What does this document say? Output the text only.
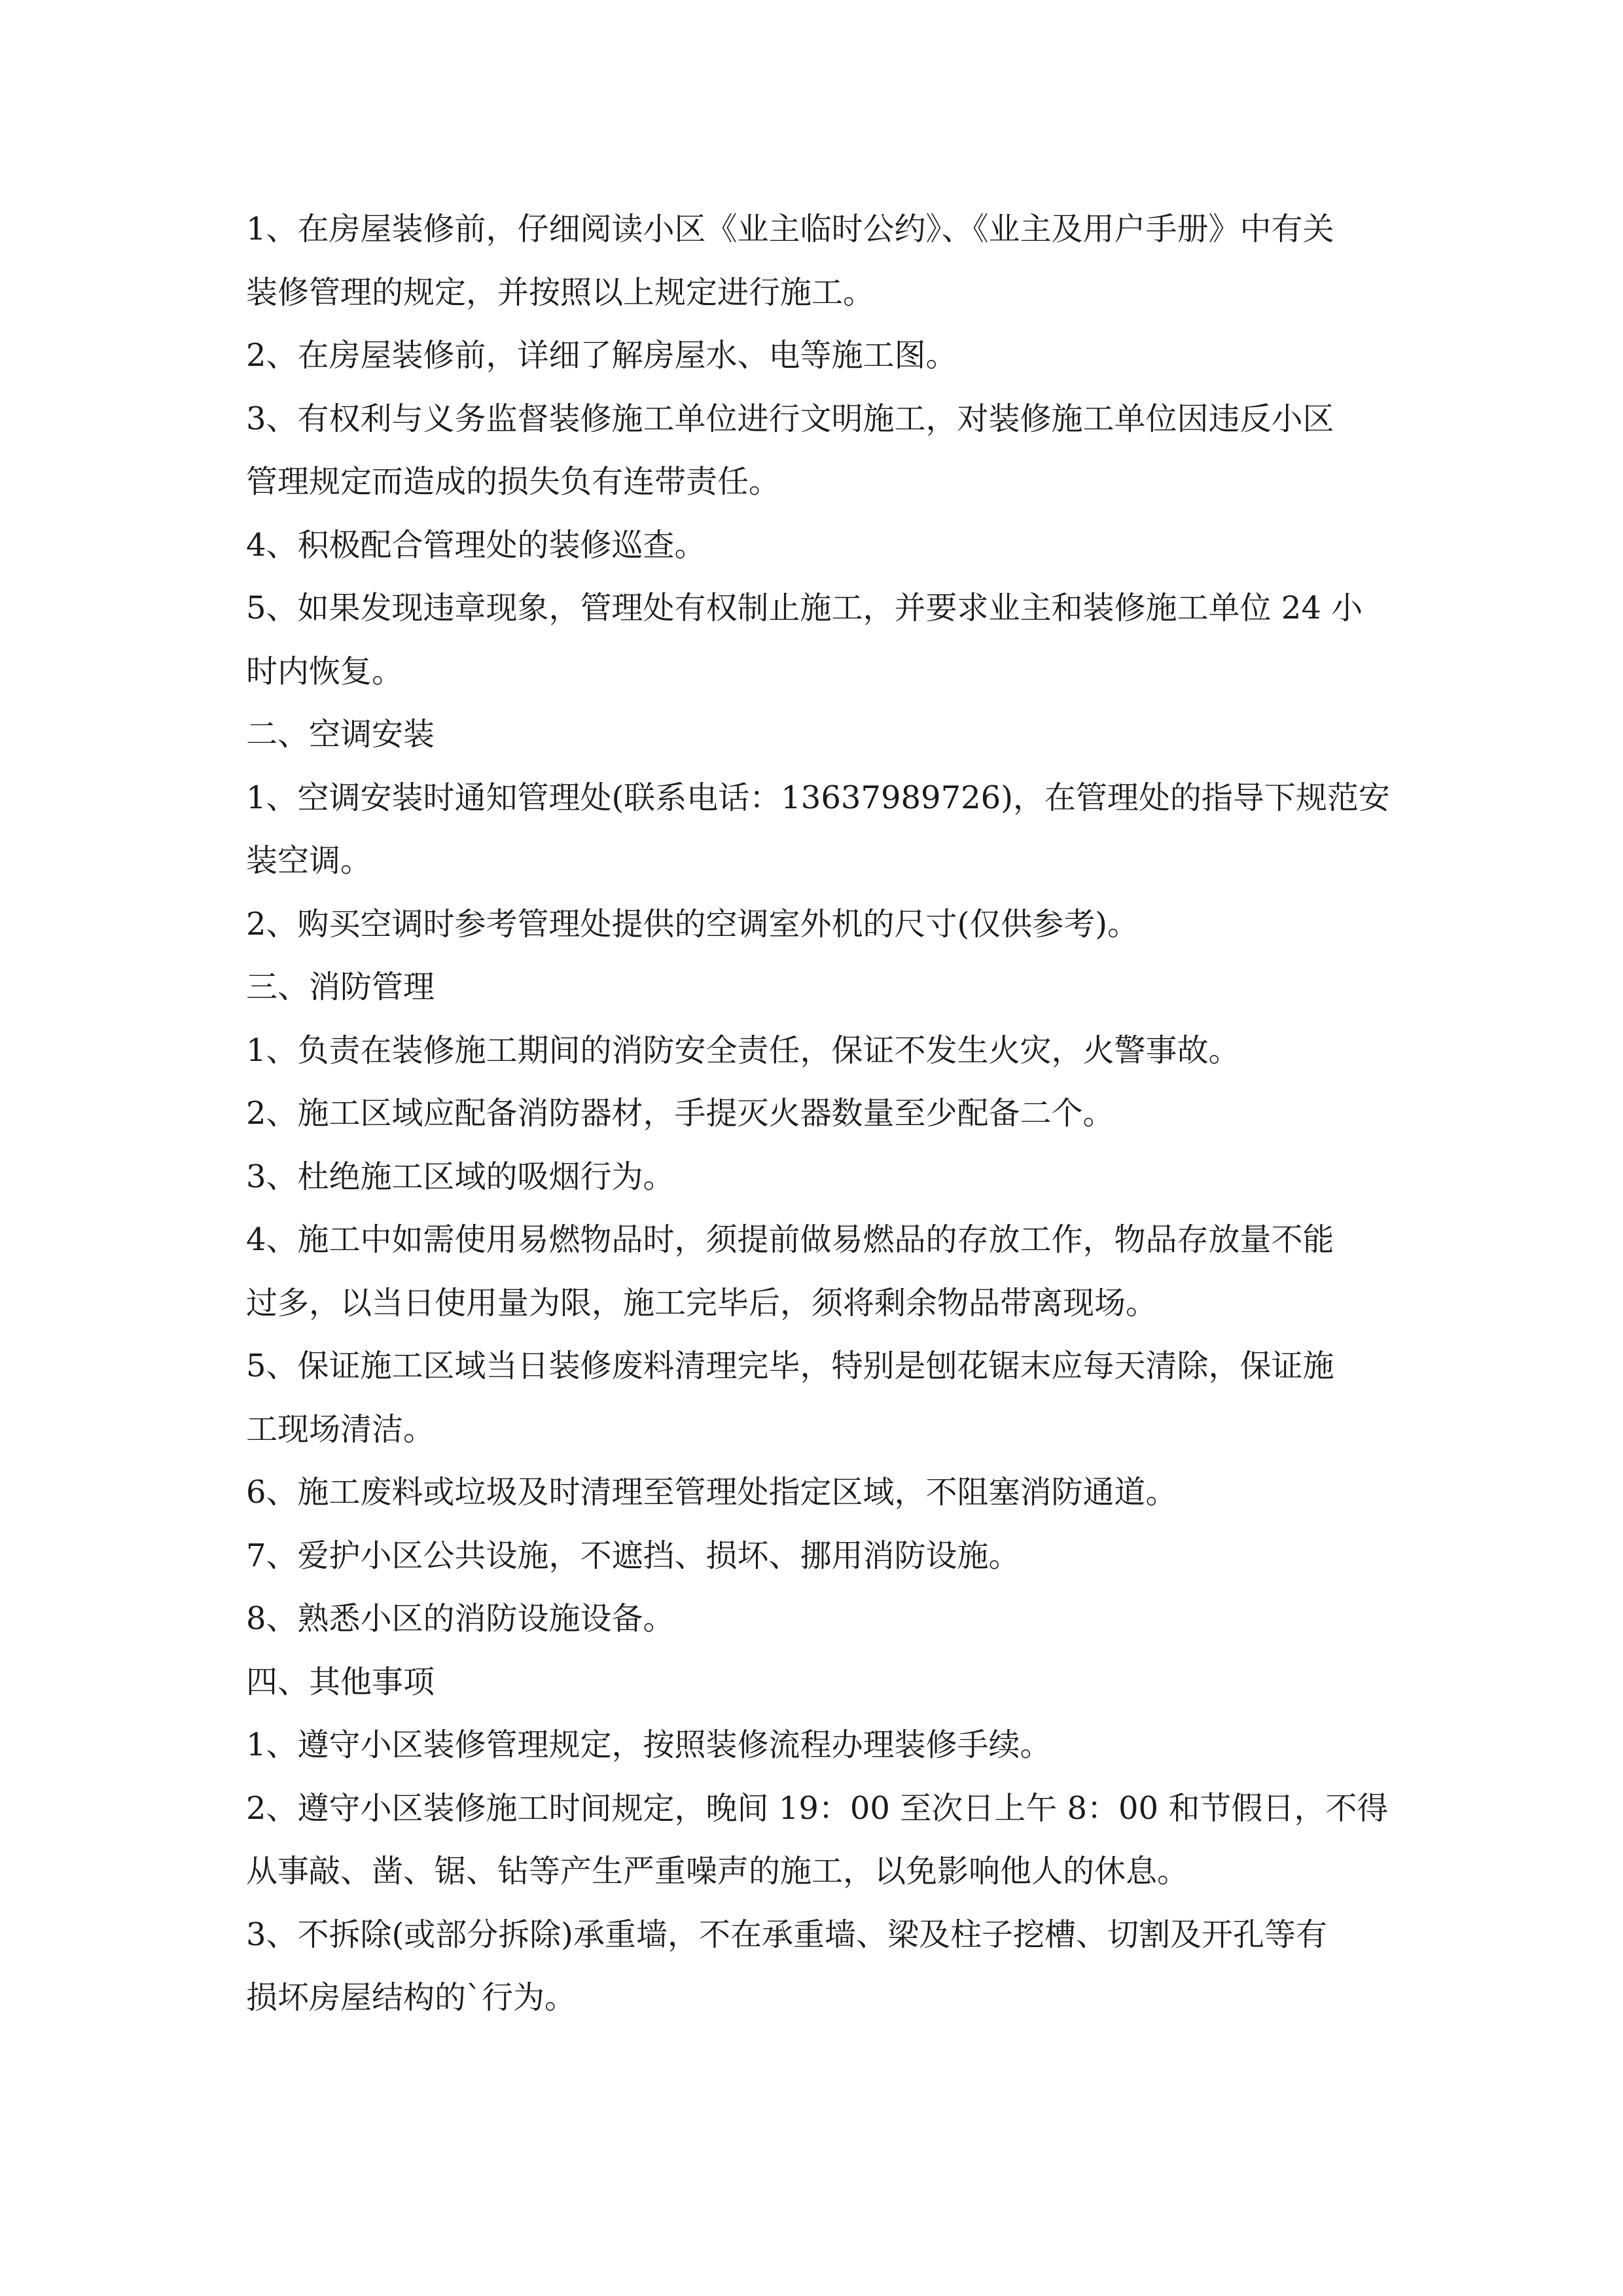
1、在房屋装修前，仔细阅读小区《业主临时公约》、《业主及用户手册》中有关
装修管理的规定，并按照以上规定进行施工。
2、在房屋装修前，详细了解房屋水、电等施工图。
3、有权利与义务监督装修施工单位进行文明施工，对装修施工单位因违反小区
管理规定而造成的损失负有连带责任。
4、积极配合管理处的装修巡查。
5、如果发现违章现象，管理处有权制止施工，并要求业主和装修施工单位 24 小
时内恢复。
二、空调安装
1、空调安装时通知管理处(联系电话：13637989726)，在管理处的指导下规范安
装空调。
2、购买空调时参考管理处提供的空调室外机的尺寸(仅供参考)。
三、消防管理
1、负责在装修施工期间的消防安全责任，保证不发生火灾，火警事故。
2、施工区域应配备消防器材，手提灭火器数量至少配备二个。
3、杜绝施工区域的吸烟行为。
4、施工中如需使用易燃物品时，须提前做易燃品的存放工作，物品存放量不能
过多，以当日使用量为限，施工完毕后，须将剩余物品带离现场。
5、保证施工区域当日装修废料清理完毕，特别是刨花锯末应每天清除，保证施
工现场清洁。
6、施工废料或垃圾及时清理至管理处指定区域，不阻塞消防通道。
7、爱护小区公共设施，不遮挡、损坏、挪用消防设施。
8、熟悉小区的消防设施设备。
四、其他事项
1、遵守小区装修管理规定，按照装修流程办理装修手续。
2、遵守小区装修施工时间规定，晚间 19：00 至次日上午 8：00 和节假日，不得
从事敲、凿、锯、钻等产生严重噪声的施工，以免影响他人的休息。
3、不拆除(或部分拆除)承重墙，不在承重墙、梁及柱子挖槽、切割及开孔等有
损坏房屋结构的`行为。
